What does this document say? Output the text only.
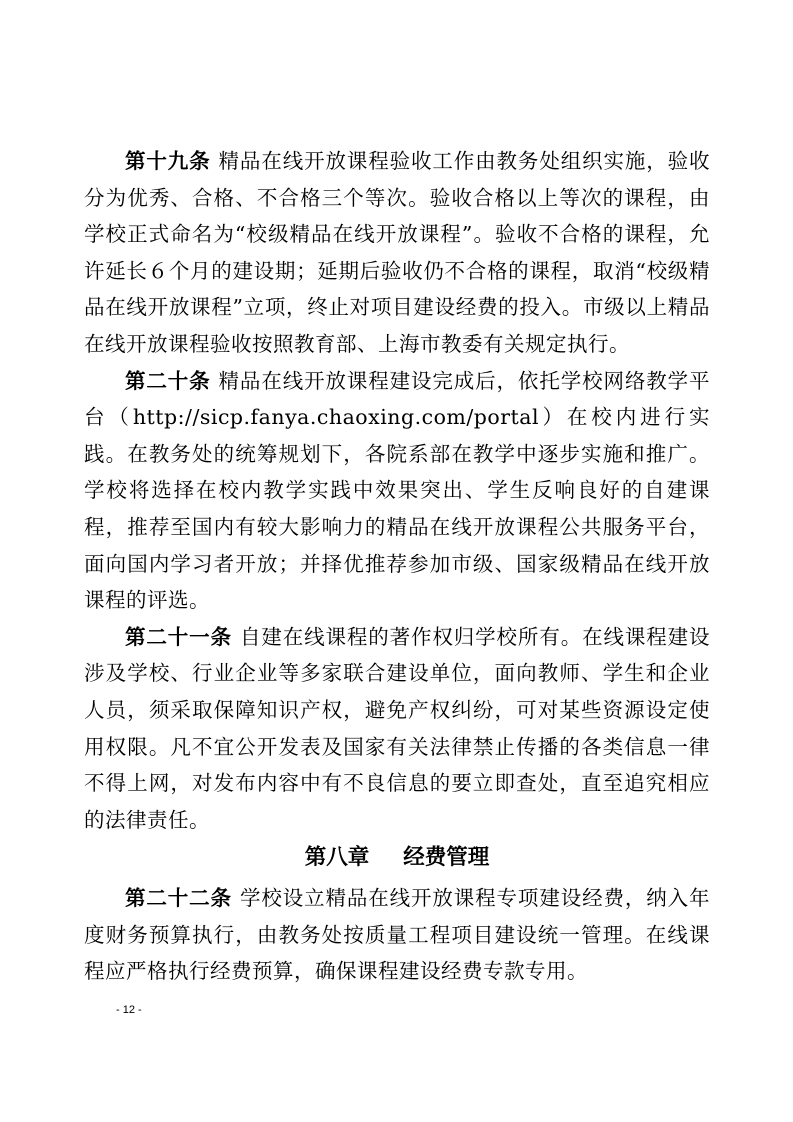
第十九条 精品在线开放课程验收工作由教务处组织实施，验收分为优秀、合格、不合格三个等次。验收合格以上等次的课程，由学校正式命名为“校级精品在线开放课程”。验收不合格的课程，允许延长６个月的建设期；延期后验收仍不合格的课程，取消“校级精品在线开放课程”立项，终止对项目建设经费的投入。市级以上精品在线开放课程验收按照教育部、上海市教委有关规定执行。

第二十条 精品在线开放课程建设完成后，依托学校网络教学平台（http://sicp.fanya.chaoxing.com/portal）在校内进行实践。在教务处的统筹规划下，各院系部在教学中逐步实施和推广。学校将选择在校内教学实践中效果突出、学生反响良好的自建课程，推荐至国内有较大影响力的精品在线开放课程公共服务平台，面向国内学习者开放；并择优推荐参加市级、国家级精品在线开放课程的评选。

第二十一条 自建在线课程的著作权归学校所有。在线课程建设涉及学校、行业企业等多家联合建设单位，面向教师、学生和企业人员，须采取保障知识产权，避免产权纠纷，可对某些资源设定使用权限。凡不宜公开发表及国家有关法律禁止传播的各类信息一律不得上网，对发布内容中有不良信息的要立即查处，直至追究相应的法律责任。

第八章 经费管理

第二十二条 学校设立精品在线开放课程专项建设经费，纳入年度财务预算执行，由教务处按质量工程项目建设统一管理。在线课程应严格执行经费预算，确保课程建设经费专款专用。

- 12 -
